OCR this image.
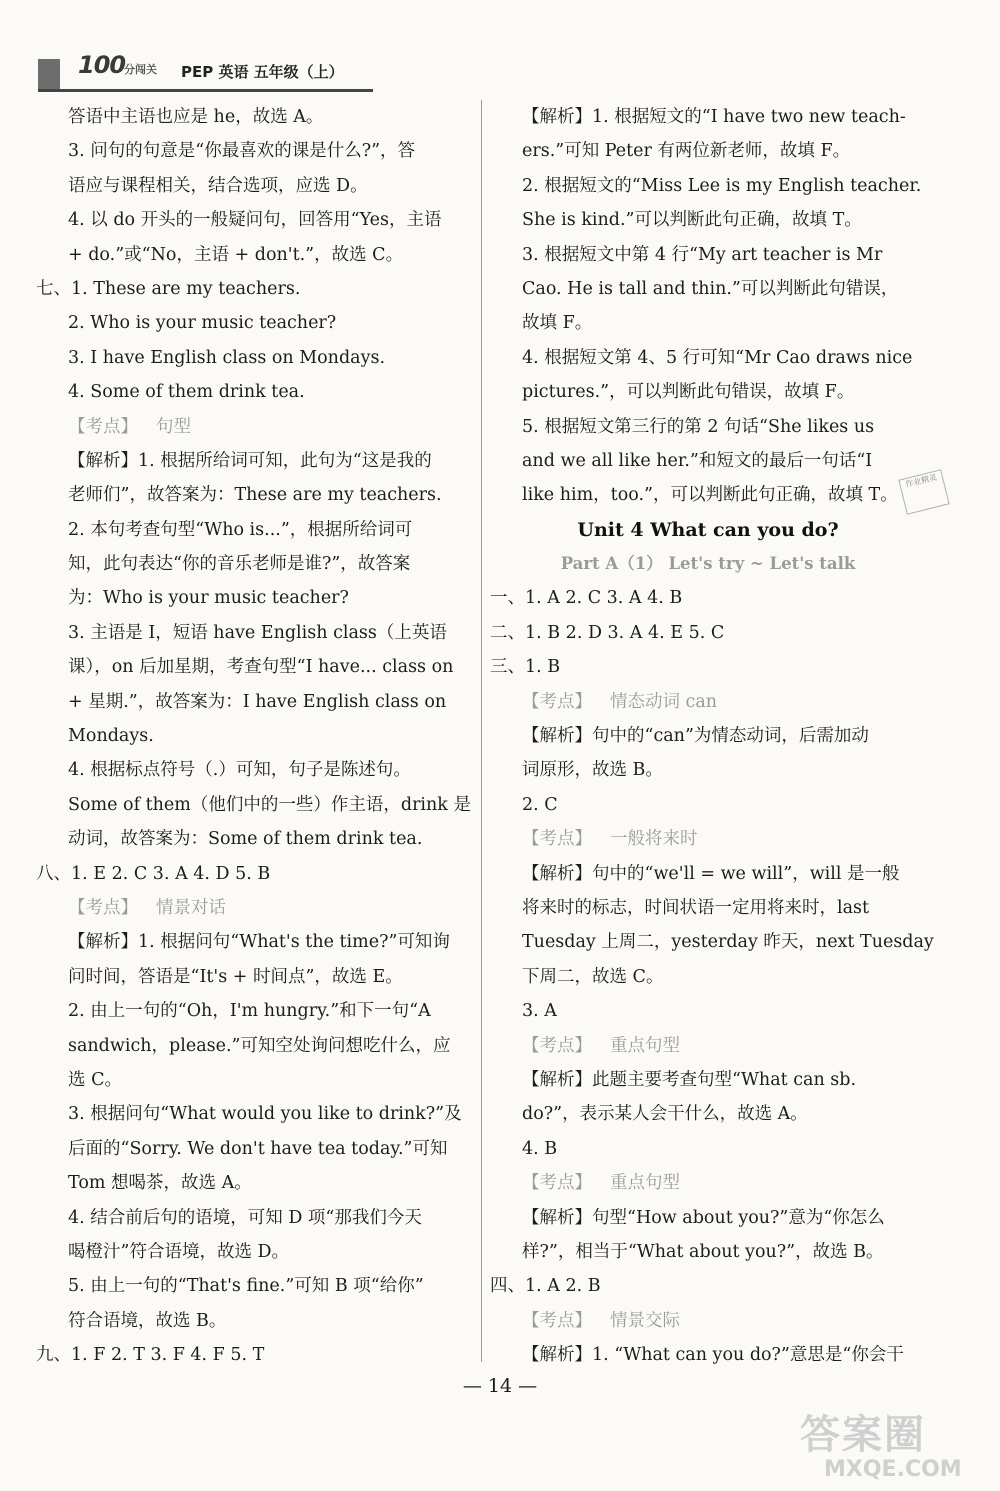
100
分闯关 PEP 英语 五年级（上）
答语中主语也应是 he，故选 A。
3. 问句的句意是“你最喜欢的课是什么?”，答
语应与课程相关，结合选项，应选 D。
4. 以 do 开头的一般疑问句，回答用“Yes，主语
+ do.”或“No，主语 + don't.”，故选 C。
七、1. These are my teachers.
2. Who is your music teacher?
3. I have English class on Mondays.
4. Some of them drink tea.
【考点】 句型
【解析】1. 根据所给词可知，此句为“这是我的
老师们”，故答案为：These are my teachers.
2. 本句考查句型“Who is...”，根据所给词可
知，此句表达“你的音乐老师是谁?”，故答案
为：Who is your music teacher?
3. 主语是 I，短语 have English class（上英语
课），on 后加星期，考查句型“I have... class on
+ 星期.”，故答案为：I have English class on
Mondays.
4. 根据标点符号（.）可知，句子是陈述句。
Some of them（他们中的一些）作主语，drink 是
动词，故答案为：Some of them drink tea.
八、1. E 2. C 3. A 4. D 5. B
【考点】 情景对话
【解析】1. 根据问句“What's the time?”可知询
问时间，答语是“It's + 时间点”，故选 E。
2. 由上一句的“Oh，I'm hungry.”和下一句“A
sandwich，please.”可知空处询问想吃什么，应
选 C。
3. 根据问句“What would you like to drink?”及
后面的“Sorry. We don't have tea today.”可知
Tom 想喝茶，故选 A。
4. 结合前后句的语境，可知 D 项“那我们今天
喝橙汁”符合语境，故选 D。
5. 由上一句的“That's fine.”可知 B 项“给你”
符合语境，故选 B。
九、1. F 2. T 3. F 4. F 5. T
【解析】1. 根据短文的“I have two new teach-
ers.”可知 Peter 有两位新老师，故填 F。
2. 根据短文的“Miss Lee is my English teacher.
She is kind.”可以判断此句正确，故填 T。
3. 根据短文中第 4 行“My art teacher is Mr
Cao. He is tall and thin.”可以判断此句错误，
故填 F。
4. 根据短文第 4、5 行可知“Mr Cao draws nice
pictures.”，可以判断此句错误，故填 F。
5. 根据短文第三行的第 2 句话“She likes us
and we all like her.”和短文的最后一句话“I
like him，too.”，可以判断此句正确，故填 T。
Unit 4 What can you do?
Part A（1） Let's try ~ Let's talk
一、1. A 2. C 3. A 4. B
二、1. B 2. D 3. A 4. E 5. C
三、1. B
【考点】 情态动词 can
【解析】句中的“can”为情态动词，后需加动
词原形，故选 B。
2. C
【考点】 一般将来时
【解析】句中的“we'll = we will”，will 是一般
将来时的标志，时间状语一定用将来时，last
Tuesday 上周二，yesterday 昨天，next Tuesday
下周二，故选 C。
3. A
【考点】 重点句型
【解析】此题主要考查句型“What can sb.
do?”，表示某人会干什么，故选 A。
4. B
【考点】 重点句型
【解析】句型“How about you?”意为“你怎么
样?”，相当于“What about you?”，故选 B。
四、1. A 2. B
【考点】 情景交际
【解析】1. “What can you do?”意思是“你会干
作业精灵
— 14 —
答案圈
MXQE.COM
